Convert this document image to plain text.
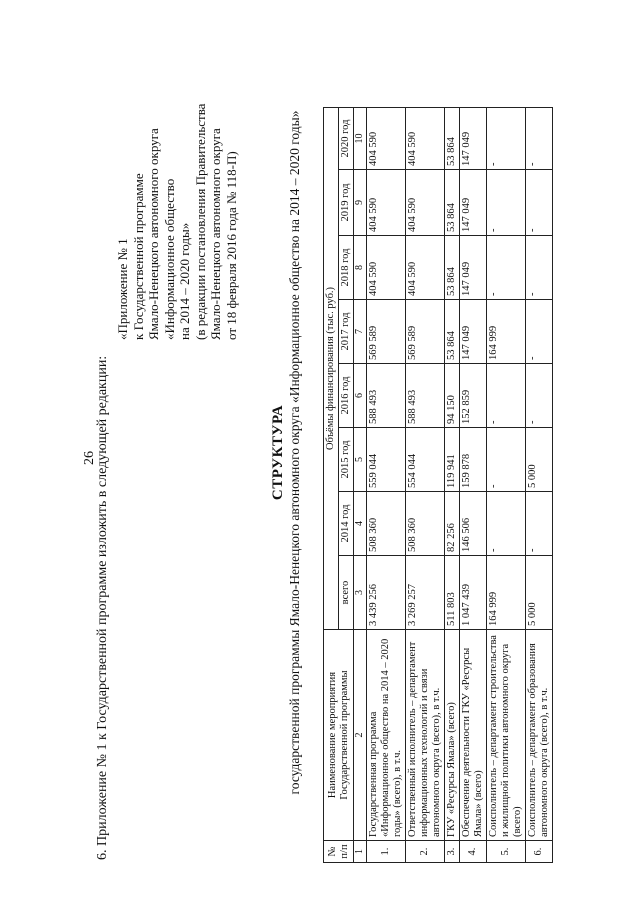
26
6. Приложение № 1 к Государственной программе изложить в следующей редакции:
«Приложение № 1 к Государственной программе Ямало-Ненецкого автономного округа «Информационное общество на 2014 – 2020 годы» (в редакции постановления Правительства Ямало-Ненецкого автономного округа от 18 февраля 2016 года № 118-П)
СТРУКТУРА государственной программы Ямало-Ненецкого автономного округа «Информационное общество на 2014 – 2020 годы»
№ п/п	Наименование мероприятия Государственной программы	Объёмы финансирования (тыс. руб.)							
		всего	2014 год	2015 год	2016 год	2017 год	2018 год	2019 год	2020 год
1	2	3	4	5	6	7	8	9	10
1.	Государственная программа «Информационное общество на 2014 – 2020 годы» (всего), в т.ч.	3 439 256	508 360	559 044	588 493	569 589	404 590	404 590	404 590
2.	Ответственный исполнитель – департамент информационных технологий и связи автономного округа (всего), в т.ч.	3 269 257	508 360	554 044	588 493	569 589	404 590	404 590	404 590
3.	ГКУ «Ресурсы Ямала» (всего)	511 803	82 256	119 941	94 150	53 864	53 864	53 864	53 864
4.	Обеспечение деятельности ГКУ «Ресурсы Ямала» (всего)	1 047 439	146 506	159 878	152 859	147 049	147 049	147 049	147 049
5.	Соисполнитель – департамент строительства и жилищной политики автономного округа (всего)	164 999	-	-	-	164 999	-	-	-
6.	Соисполнитель – департамент образования автономного округа (всего), в т.ч.	5 000	-	5 000	-	-	-	-	-
